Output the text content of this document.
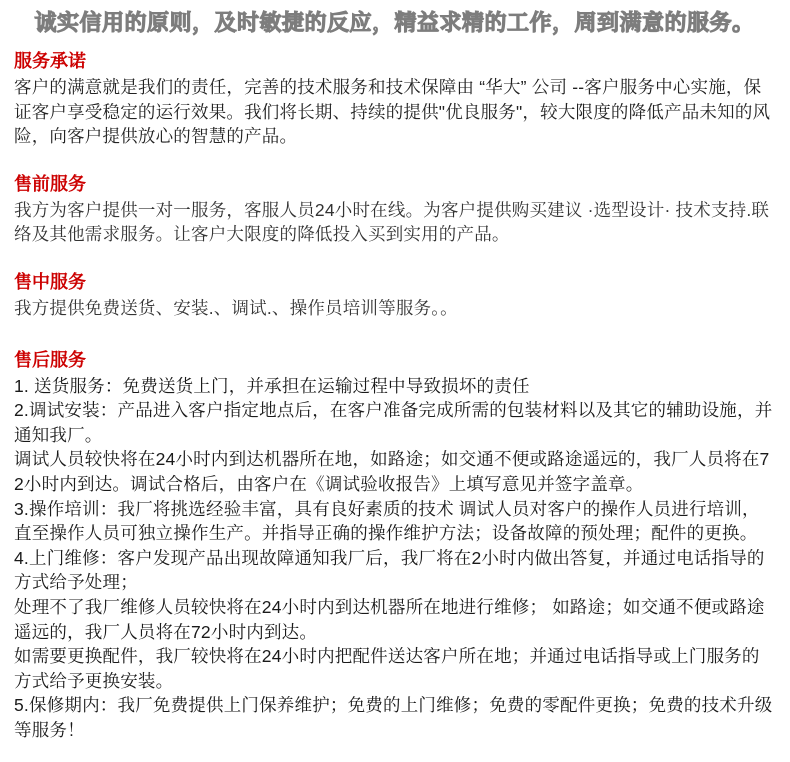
诚实信用的原则，及时敏捷的反应，精益求精的工作，周到满意的服务。
服务承诺

客户的满意就是我们的责任，完善的技术服务和技术保障由 “华大” 公司 --客户服务中心实施，保证客户享受稳定的运行效果。我们将长期、持续的提供"优良服务"，较大限度的降低产品未知的风险，向客户提供放心的智慧的产品。

售前服务

我方为客户提供一对一服务，客服人员24小时在线。为客户提供购买建议 ·选型设计· 技术支持.联络及其他需求服务。让客户大限度的降低投入买到实用的产品。

售中服务

我方提供免费送货、安装.、调试.、操作员培训等服务。。

售后服务

1. 送货服务：免费送货上门，并承担在运输过程中导致损坏的责任

2.调试安装：产品进入客户指定地点后，在客户准备完成所需的包装材料以及其它的辅助设施，并通知我厂。

调试人员较快将在24小时内到达机器所在地，如路途；如交通不便或路途遥远的，我厂人员将在72小时内到达。调试合格后，由客户在《调试验收报告》上填写意见并签字盖章。

3.操作培训：我厂将挑选经验丰富，具有良好素质的技术 调试人员对客户的操作人员进行培训，直至操作人员可独立操作生产。并指导正确的操作维护方法；设备故障的预处理；配件的更换。

4.上门维修：客户发现产品出现故障通知我厂后，我厂将在2小时内做出答复，并通过电话指导的方式给予处理；

处理不了我厂维修人员较快将在24小时内到达机器所在地进行维修； 如路途；如交通不便或路途遥远的，我厂人员将在72小时内到达。

如需要更换配件，我厂较快将在24小时内把配件送达客户所在地；并通过电话指导或上门服务的方式给予更换安装。

5.保修期内：我厂免费提供上门保养维护；免费的上门维修；免费的零配件更换；免费的技术升级等服务！
